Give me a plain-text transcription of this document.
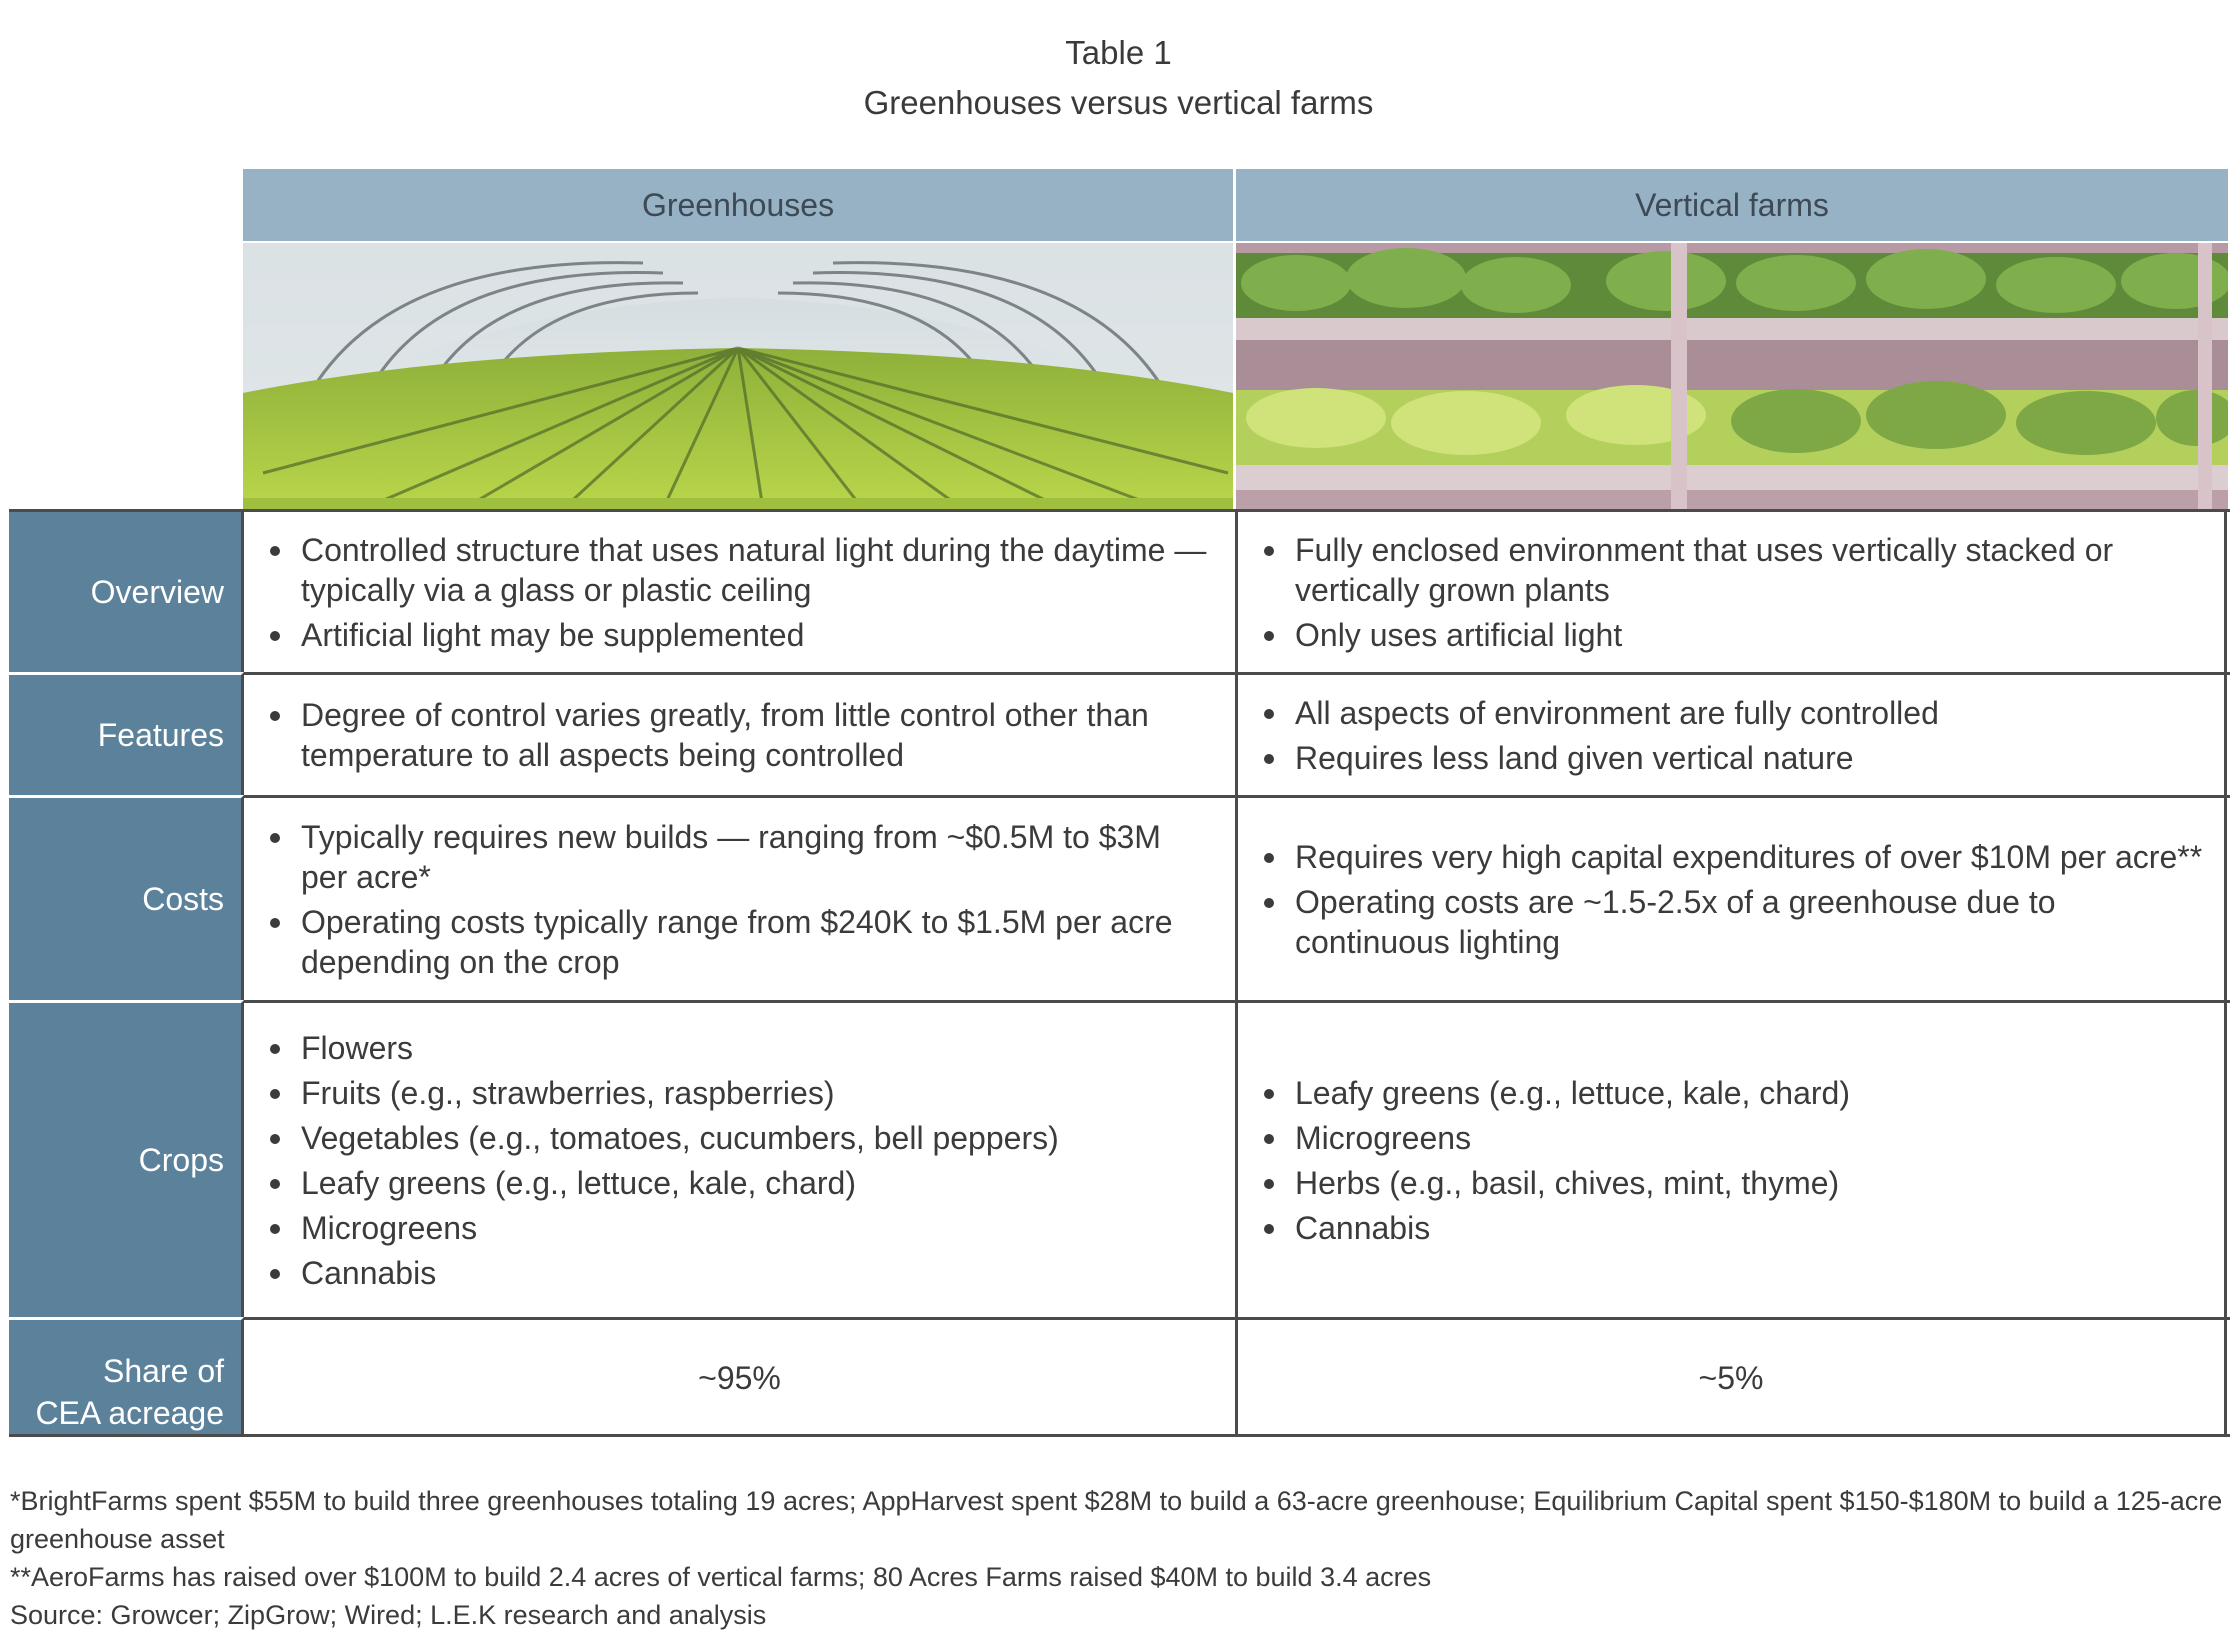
Table 1
Greenhouses versus vertical farms
Greenhouses	Vertical farms
Overview
Controlled structure that uses natural light during the daytime — typically via a glass or plastic ceiling
Artificial light may be supplemented
Fully enclosed environment that uses vertically stacked or vertically grown plants
Only uses artificial light
Features
Degree of control varies greatly, from little control other than temperature to all aspects being controlled
All aspects of environment are fully controlled
Requires less land given vertical nature
Costs
Typically requires new builds — ranging from ~$0.5M to $3M per acre*
Operating costs typically range from $240K to $1.5M per acre depending on the crop
Requires very high capital expenditures of over $10M per acre**
Operating costs are ~1.5-2.5x of a greenhouse due to continuous lighting
Crops
Flowers
Fruits (e.g., strawberries, raspberries)
Vegetables (e.g., tomatoes, cucumbers, bell peppers)
Leafy greens (e.g., lettuce, kale, chard)
Microgreens
Cannabis
Leafy greens (e.g., lettuce, kale, chard)
Microgreens
Herbs (e.g., basil, chives, mint, thyme)
Cannabis
Share of
CEA acreage
~95%	~5%
*BrightFarms spent $55M to build three greenhouses totaling 19 acres; AppHarvest spent $28M to build a 63-acre greenhouse; Equilibrium Capital spent $150-$180M to build a 125-acre greenhouse asset
**AeroFarms has raised over $100M to build 2.4 acres of vertical farms; 80 Acres Farms raised $40M to build 3.4 acres
Source: Growcer; ZipGrow; Wired; L.E.K research and analysis
